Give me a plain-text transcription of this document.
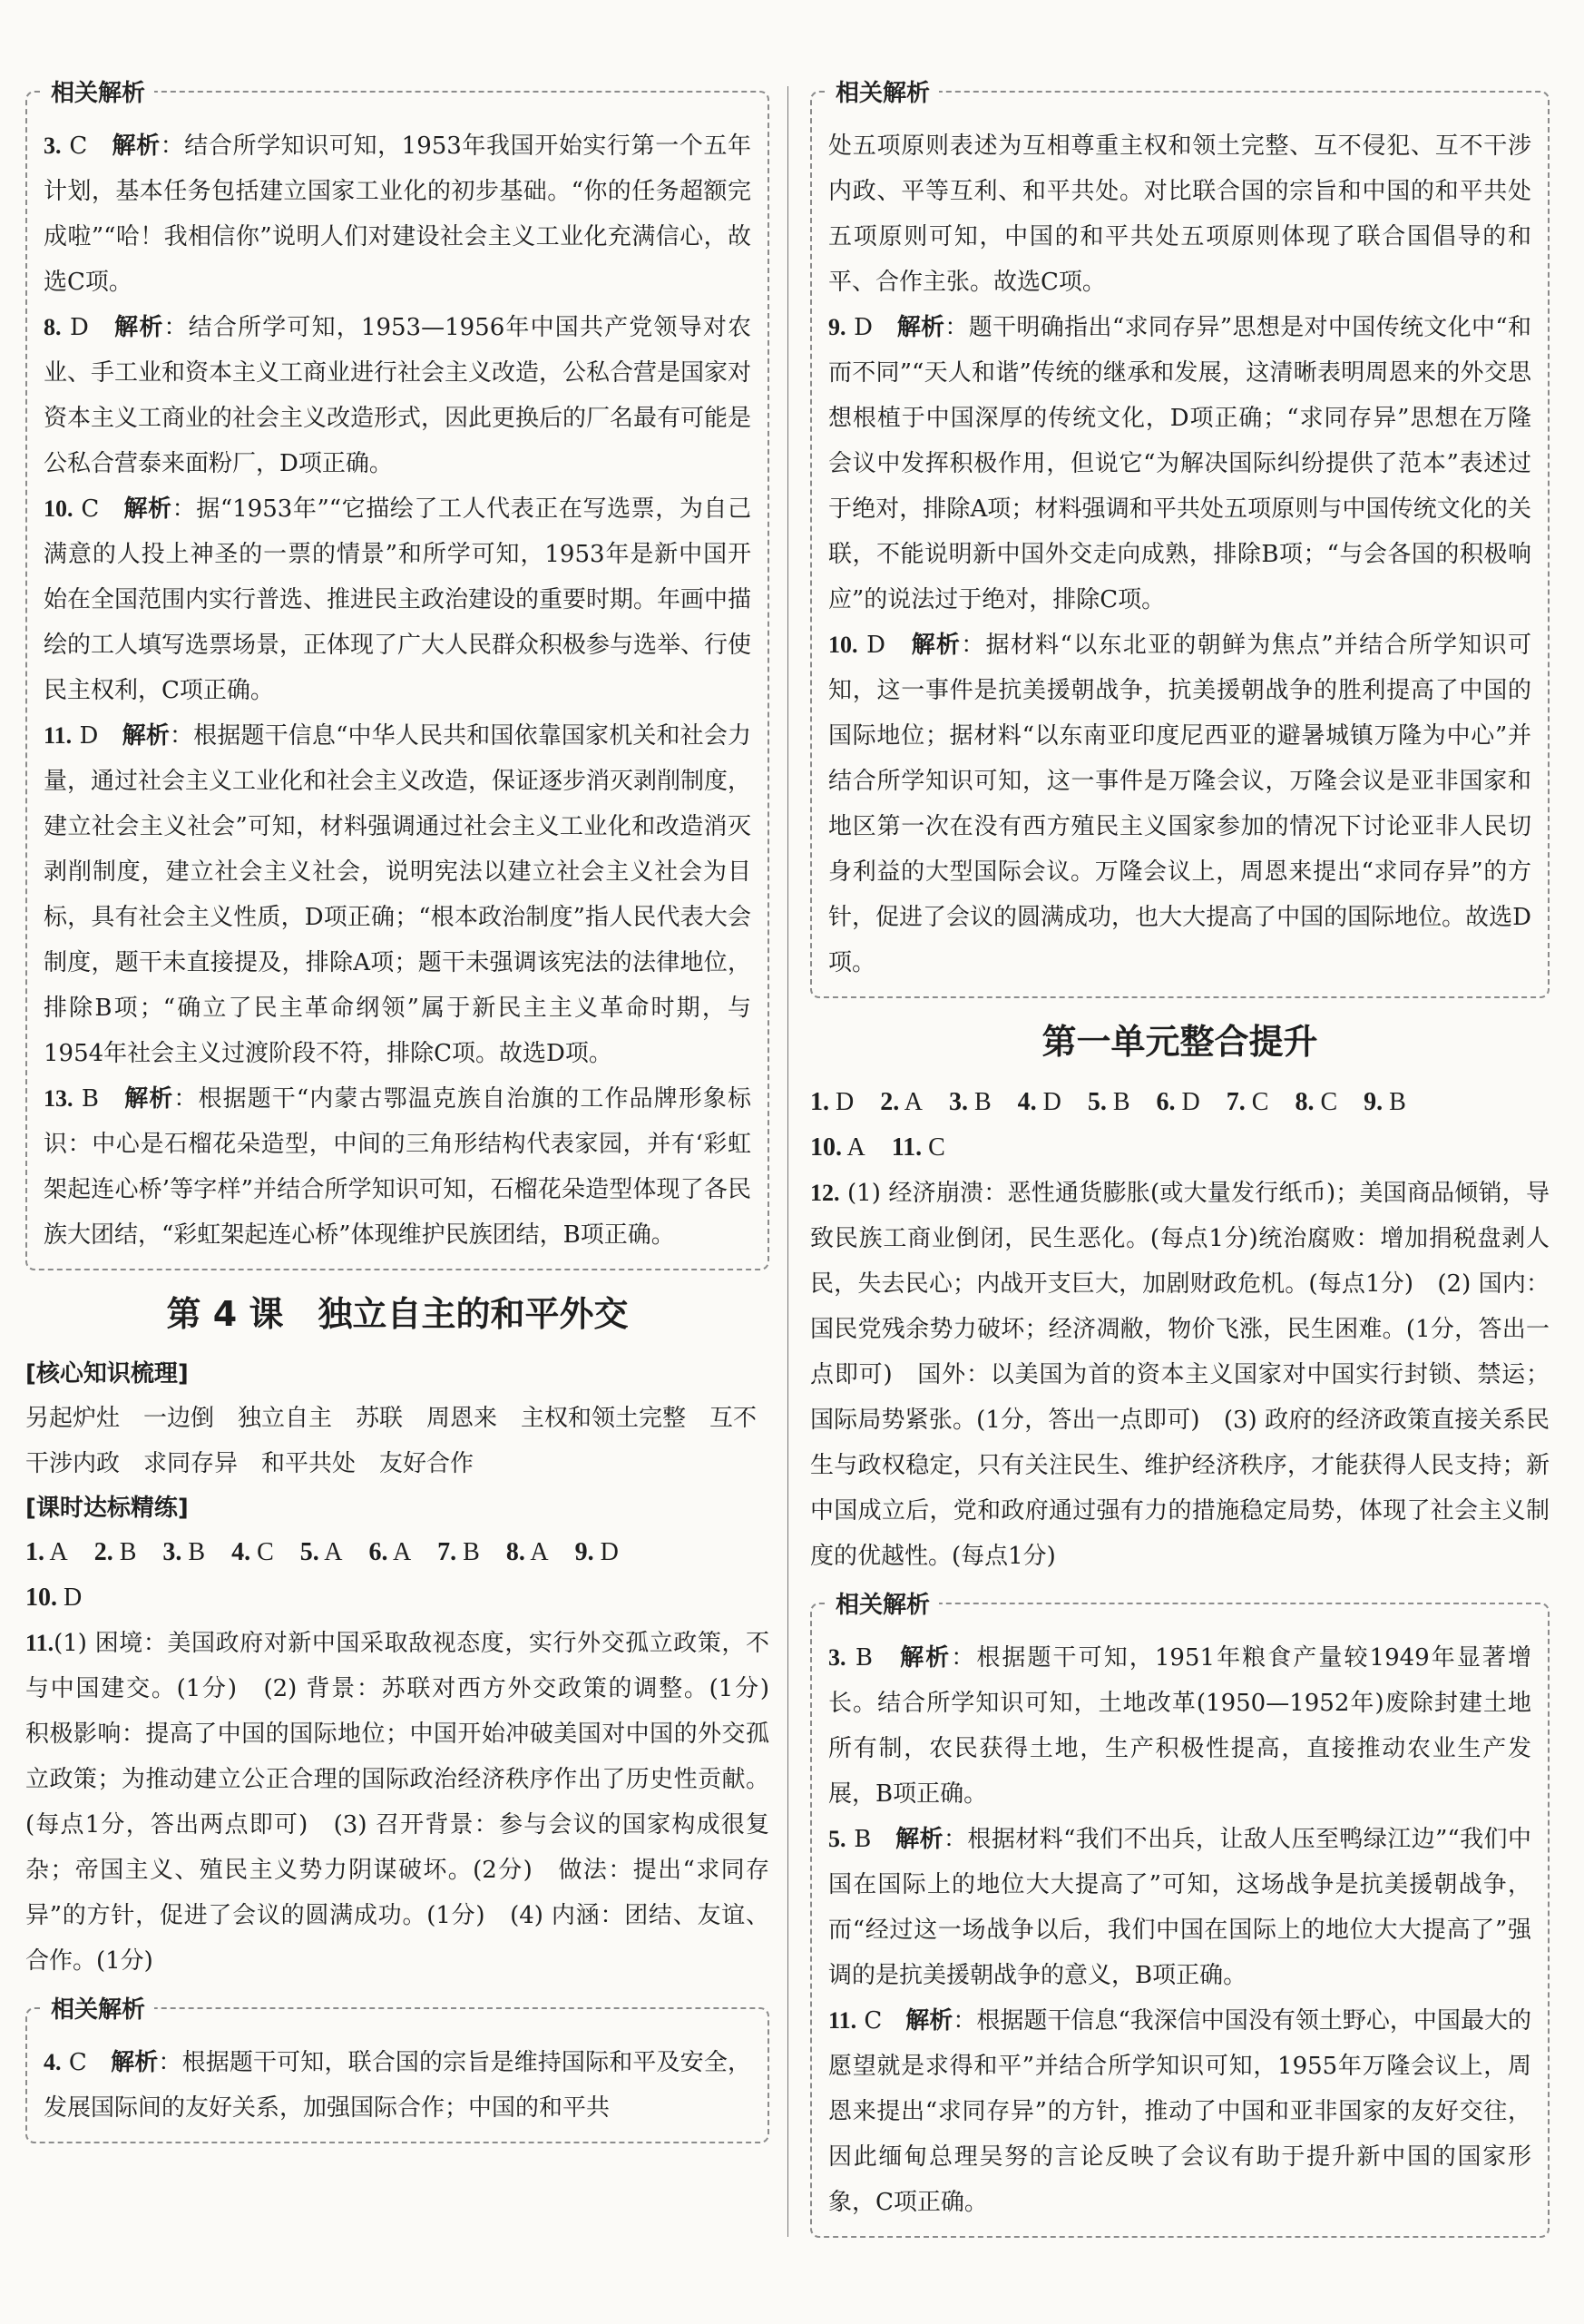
相关解析

3. C　 解析：结合所学知识可知，1953年我国开始实行第一个五年计划，基本任务包括建立国家工业化的初步基础。“你的任务超额完成啦”“哈！我相信你”说明人们对建设社会主义工业化充满信心，故选C项。

8. D　 解析：结合所学可知，1953—1956年中国共产党领导对农业、手工业和资本主义工商业进行社会主义改造，公私合营是国家对资本主义工商业的社会主义改造形式，因此更换后的厂名最有可能是公私合营泰来面粉厂，D项正确。

10. C　 解析：据“1953年”“它描绘了工人代表正在写选票，为自己满意的人投上神圣的一票的情景”和所学可知，1953年是新中国开始在全国范围内实行普选、推进民主政治建设的重要时期。年画中描绘的工人填写选票场景，正体现了广大人民群众积极参与选举、行使民主权利，C项正确。

11. D　 解析：根据题干信息“中华人民共和国依靠国家机关和社会力量，通过社会主义工业化和社会主义改造，保证逐步消灭剥削制度，建立社会主义社会”可知，材料强调通过社会主义工业化和改造消灭剥削制度，建立社会主义社会，说明宪法以建立社会主义社会为目标，具有社会主义性质，D项正确；“根本政治制度”指人民代表大会制度，题干未直接提及，排除A项；题干未强调该宪法的法律地位，排除B项；“确立了民主革命纲领”属于新民主主义革命时期，与1954年社会主义过渡阶段不符，排除C项。故选D项。

13. B　 解析：根据题干“内蒙古鄂温克族自治旗的工作品牌形象标识：中心是石榴花朵造型，中间的三角形结构代表家园，并有‘彩虹架起连心桥’等字样”并结合所学知识可知，石榴花朵造型体现了各民族大团结，“彩虹架起连心桥”体现维护民族团结，B项正确。

第 4 课　独立自主的和平外交
[核心知识梳理]
另起炉灶　一边倒　独立自主　苏联　周恩来　主权和领土完整　互不干涉内政　求同存异　和平共处　友好合作
[课时达标精练]
1. A 2. B 3. B 4. C 5. A 6. A 7. B 8. A 9. D
10. D

11.(1) 困境：美国政府对新中国采取敌视态度，实行外交孤立政策，不与中国建交。(1分)　(2) 背景：苏联对西方外交政策的调整。(1分)　积极影响：提高了中国的国际地位；中国开始冲破美国对中国的外交孤立政策；为推动建立公正合理的国际政治经济秩序作出了历史性贡献。(每点1分，答出两点即可)　(3) 召开背景：参与会议的国家构成很复杂；帝国主义、殖民主义势力阴谋破坏。(2分)　做法：提出“求同存异”的方针，促进了会议的圆满成功。(1分)　(4) 内涵：团结、友谊、合作。(1分)

相关解析

4. C　 解析：根据题干可知，联合国的宗旨是维持国际和平及安全，发展国际间的友好关系，加强国际合作；中国的和平共

相关解析

处五项原则表述为互相尊重主权和领土完整、互不侵犯、互不干涉内政、平等互利、和平共处。对比联合国的宗旨和中国的和平共处五项原则可知，中国的和平共处五项原则体现了联合国倡导的和平、合作主张。故选C项。

9. D　 解析：题干明确指出“求同存异”思想是对中国传统文化中“和而不同”“天人和谐”传统的继承和发展，这清晰表明周恩来的外交思想根植于中国深厚的传统文化，D项正确；“求同存异”思想在万隆会议中发挥积极作用，但说它“为解决国际纠纷提供了范本”表述过于绝对，排除A项；材料强调和平共处五项原则与中国传统文化的关联，不能说明新中国外交走向成熟，排除B项；“与会各国的积极响应”的说法过于绝对，排除C项。

10. D　 解析：据材料“以东北亚的朝鲜为焦点”并结合所学知识可知，这一事件是抗美援朝战争，抗美援朝战争的胜利提高了中国的国际地位；据材料“以东南亚印度尼西亚的避暑城镇万隆为中心”并结合所学知识可知，这一事件是万隆会议，万隆会议是亚非国家和地区第一次在没有西方殖民主义国家参加的情况下讨论亚非人民切身利益的大型国际会议。万隆会议上，周恩来提出“求同存异”的方针，促进了会议的圆满成功，也大大提高了中国的国际地位。故选D项。

第一单元整合提升
1. D 2. A 3. B 4. D 5. B 6. D 7. C 8. C 9. B
10. A 11. C

12. (1) 经济崩溃：恶性通货膨胀(或大量发行纸币)；美国商品倾销，导致民族工商业倒闭，民生恶化。(每点1分)统治腐败：增加捐税盘剥人民，失去民心；内战开支巨大，加剧财政危机。(每点1分)　(2) 国内：国民党残余势力破坏；经济凋敝，物价飞涨，民生困难。(1分，答出一点即可)　国外：以美国为首的资本主义国家对中国实行封锁、禁运；国际局势紧张。(1分，答出一点即可)　(3) 政府的经济政策直接关系民生与政权稳定，只有关注民生、维护经济秩序，才能获得人民支持；新中国成立后，党和政府通过强有力的措施稳定局势，体现了社会主义制度的优越性。(每点1分)

相关解析

3. B　 解析：根据题干可知，1951年粮食产量较1949年显著增长。结合所学知识可知，土地改革(1950—1952年)废除封建土地所有制，农民获得土地，生产积极性提高，直接推动农业生产发展，B项正确。

5. B　 解析：根据材料“我们不出兵，让敌人压至鸭绿江边”“我们中国在国际上的地位大大提高了”可知，这场战争是抗美援朝战争，而“经过这一场战争以后，我们中国在国际上的地位大大提高了”强调的是抗美援朝战争的意义，B项正确。

11. C　 解析：根据题干信息“我深信中国没有领土野心，中国最大的愿望就是求得和平”并结合所学知识可知，1955年万隆会议上，周恩来提出“求同存异”的方针，推动了中国和亚非国家的友好交往，因此缅甸总理吴努的言论反映了会议有助于提升新中国的国家形象，C项正确。
